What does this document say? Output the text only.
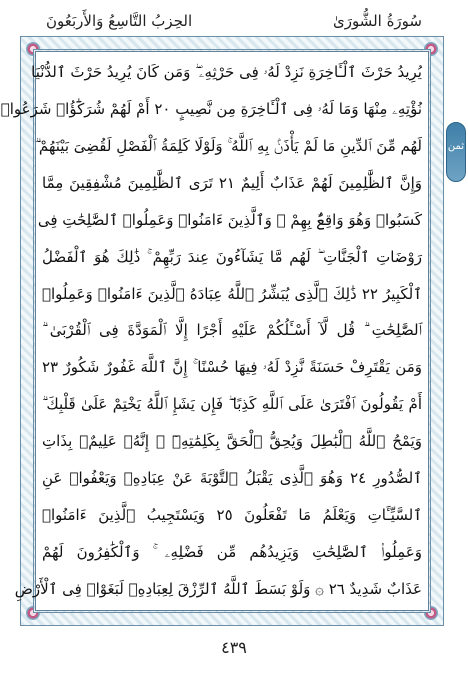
سُورَةُ الشُّورَىٰ
الحِزبُ التَّاسِعُ وَالأَربَعُونَ
يُرِيدُ حَرْثَ ٱلْـَٔاخِرَةِ نَزِدْ لَهُۥ فِى حَرْثِهِۦ ۖ وَمَن كَانَ يُرِيدُ حَرْثَ ٱلدُّنْيَا
نُؤْتِهِۦ مِنْهَا وَمَا لَهُۥ فِى ٱلْـَٔاخِرَةِ مِن نَّصِيبٍ ٢٠ أَمْ لَهُمْ شُرَكَٰٓؤُا۟ شَرَعُوا۟
لَهُم مِّنَ ٱلدِّينِ مَا لَمْ يَأْذَنۢ بِهِ ٱللَّهُ ۚ وَلَوْلَا كَلِمَةُ ٱلْفَصْلِ لَقُضِىَ بَيْنَهُمْ ۗ
وَإِنَّ ٱلظَّٰلِمِينَ لَهُمْ عَذَابٌ أَلِيمٌ ٢١ تَرَى ٱلظَّٰلِمِينَ مُشْفِقِينَ مِمَّا
كَسَبُوا۟ وَهُوَ وَاقِعٌۢ بِهِمْ ۗ وَٱلَّذِينَ ءَامَنُوا۟ وَعَمِلُوا۟ ٱلصَّٰلِحَٰتِ فِى
رَوْضَاتِ ٱلْجَنَّاتِ ۖ لَهُم مَّا يَشَآءُونَ عِندَ رَبِّهِمْ ۚ ذَٰلِكَ هُوَ ٱلْفَضْلُ
ٱلْكَبِيرُ ٢٢ ذَٰلِكَ ٱلَّذِى يُبَشِّرُ ٱللَّهُ عِبَادَهُ ٱلَّذِينَ ءَامَنُوا۟ وَعَمِلُوا۟
ٱلصَّٰلِحَٰتِ ۗ قُل لَّآ أَسْـَٔلُكُمْ عَلَيْهِ أَجْرًا إِلَّا ٱلْمَوَدَّةَ فِى ٱلْقُرْبَىٰ ۗ
وَمَن يَقْتَرِفْ حَسَنَةً نَّزِدْ لَهُۥ فِيهَا حُسْنًا ۚ إِنَّ ٱللَّهَ غَفُورٌ شَكُورٌ ٢٣
أَمْ يَقُولُونَ ٱفْتَرَىٰ عَلَى ٱللَّهِ كَذِبًا ۖ فَإِن يَشَإِ ٱللَّهُ يَخْتِمْ عَلَىٰ قَلْبِكَ ۗ
وَيَمْحُ ٱللَّهُ ٱلْبَٰطِلَ وَيُحِقُّ ٱلْحَقَّ بِكَلِمَٰتِهِۦٓ ۚ إِنَّهُۥ عَلِيمٌۢ بِذَاتِ
ٱلصُّدُورِ ٢٤ وَهُوَ ٱلَّذِى يَقْبَلُ ٱلتَّوْبَةَ عَنْ عِبَادِهِۦ وَيَعْفُوا۟ عَنِ
ٱلسَّيِّـَٔاتِ وَيَعْلَمُ مَا تَفْعَلُونَ ٢٥ وَيَسْتَجِيبُ ٱلَّذِينَ ءَامَنُوا۟
وَعَمِلُوا۟ ٱلصَّٰلِحَٰتِ وَيَزِيدُهُم مِّن فَضْلِهِۦ ۚ وَٱلْكَٰفِرُونَ لَهُمْ
عَذَابٌ شَدِيدٌ ٢٦ ۞ وَلَوْ بَسَطَ ٱللَّهُ ٱلرِّزْقَ لِعِبَادِهِۦ لَبَغَوْا۟ فِى ٱلْأَرْضِ
ثمن
٤٣٩
